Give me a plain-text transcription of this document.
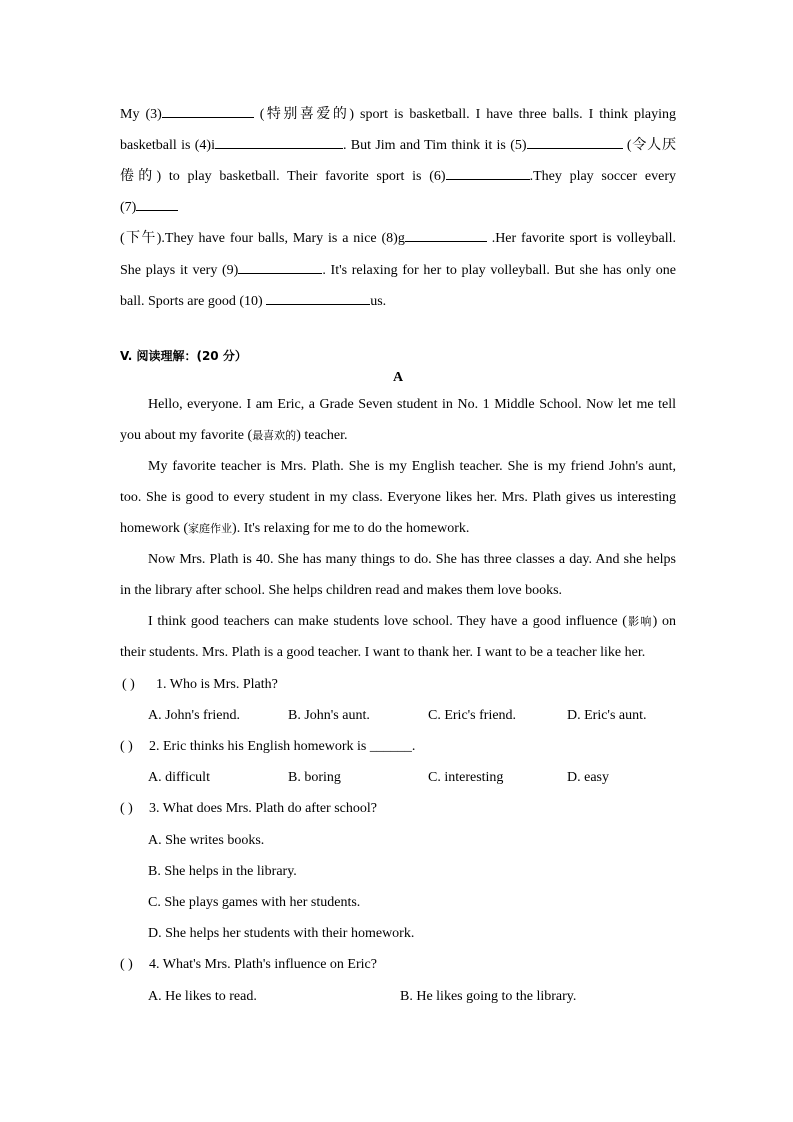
My (3)	(特别喜爱的) sport is basketball. I have three balls. I think playing
basketball is (4)i	. But Jim and Tim think it is (5)	(令人厌
倦的) to play basketball. Their favorite sport is (6)	.They play soccer every
(7)
(下午).They have four balls, Mary is a nice (8)g	.Her favorite sport is volleyball.
She plays it very (9)	. It's relaxing for her to play volleyball. But she has only one
ball. Sports are good (10)	us.
V. 阅读理解：(20 分）
A
Hello, everyone. I am Eric, a Grade Seven student in No. 1 Middle School. Now let me tell
you about my favorite (最喜欢的) teacher.
My favorite teacher is Mrs. Plath. She is my English teacher. She is my friend John's aunt,
too. She is good to every student in my class. Everyone likes her. Mrs. Plath gives us interesting
homework (家庭作业). It's relaxing for me to do the homework.
Now Mrs. Plath is 40. She has many things to do. She has three classes a day. And she helps
in the library after school. She helps children read and makes them love books.
I think good teachers can make students love school. They have a good influence (影响) on
their students. Mrs. Plath is a good teacher. I want to thank her. I want to be a teacher like her.
( ) 1. Who is Mrs. Plath?
A. John's friend.	B. John's aunt.	C. Eric's friend.	D. Eric's aunt.
( ) 2. Eric thinks his English homework is ______.
A. difficult	B. boring	C. interesting	D. easy
( ) 3. What does Mrs. Plath do after school?
A. She writes books.
B. She helps in the library.
C. She plays games with her students.
D. She helps her students with their homework.
( ) 4. What's Mrs. Plath's influence on Eric?
A. He likes to read.	B. He likes going to the library.
